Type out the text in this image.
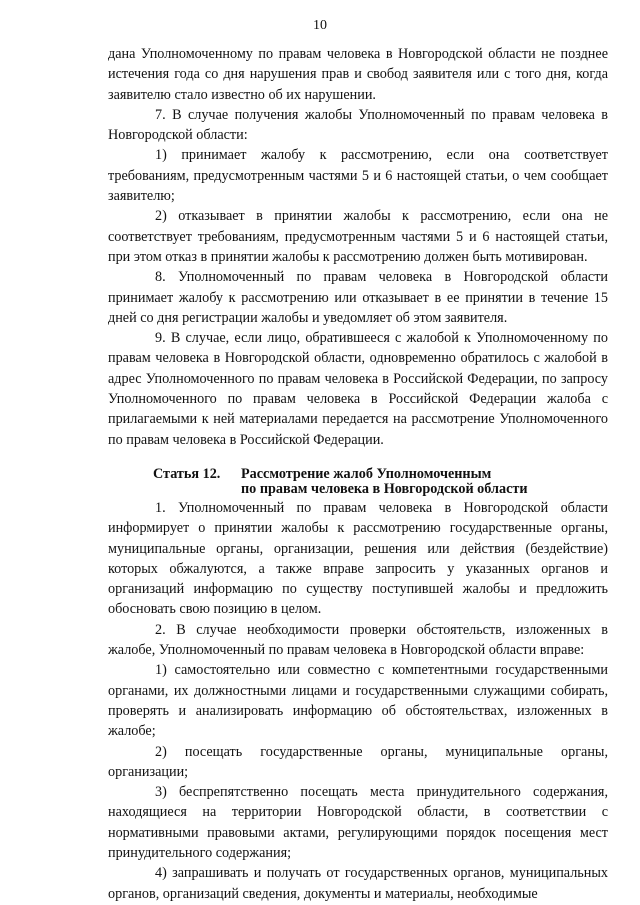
10

дана Уполномоченному по правам человека в Новгородской области не позднее истечения года со дня нарушения прав и свобод заявителя или с того дня, когда заявителю стало известно об их нарушении.

7. В случае получения жалобы Уполномоченный по правам человека в Новгородской области:

1) принимает жалобу к рассмотрению, если она соответствует требованиям, предусмотренным частями 5 и 6 настоящей статьи, о чем сообщает заявителю;

2) отказывает в принятии жалобы к рассмотрению, если она не соответствует требованиям, предусмотренным частями 5 и 6 настоящей статьи, при этом отказ в принятии жалобы к рассмотрению должен быть мотивирован.

8. Уполномоченный по правам человека в Новгородской области принимает жалобу к рассмотрению или отказывает в ее принятии в течение 15 дней со дня регистрации жалобы и уведомляет об этом заявителя.

9. В случае, если лицо, обратившееся с жалобой к Уполномоченному по правам человека в Новгородской области, одновременно обратилось с жалобой в адрес Уполномоченного по правам человека в Российской Федерации, по запросу Уполномоченного по правам человека в Российской Федерации жалоба с прилагаемыми к ней материалами передается на рассмотрение Уполномоченного по правам человека в Российской Федерации.

Статья 12.	Рассмотрение жалоб Уполномоченным
по правам человека в Новгородской области

1. Уполномоченный по правам человека в Новгородской области информирует о принятии жалобы к рассмотрению государственные органы, муниципальные органы, организации, решения или действия (бездействие) которых обжалуются, а также вправе запросить у указанных органов и организаций информацию по существу поступившей жалобы и предложить обосновать свою позицию в целом.

2. В случае необходимости проверки обстоятельств, изложенных в жалобе, Уполномоченный по правам человека в Новгородской области вправе:

1) самостоятельно или совместно с компетентными государственными органами, их должностными лицами и государственными служащими собирать, проверять и анализировать информацию об обстоятельствах, изложенных в жалобе;

2) посещать государственные органы, муниципальные органы, организации;

3) беспрепятственно посещать места принудительного содержания, находящиеся на территории Новгородской области, в соответствии с нормативными правовыми актами, регулирующими порядок посещения мест принудительного содержания;

4) запрашивать и получать от государственных органов, муниципальных органов, организаций сведения, документы и материалы, необходимые
